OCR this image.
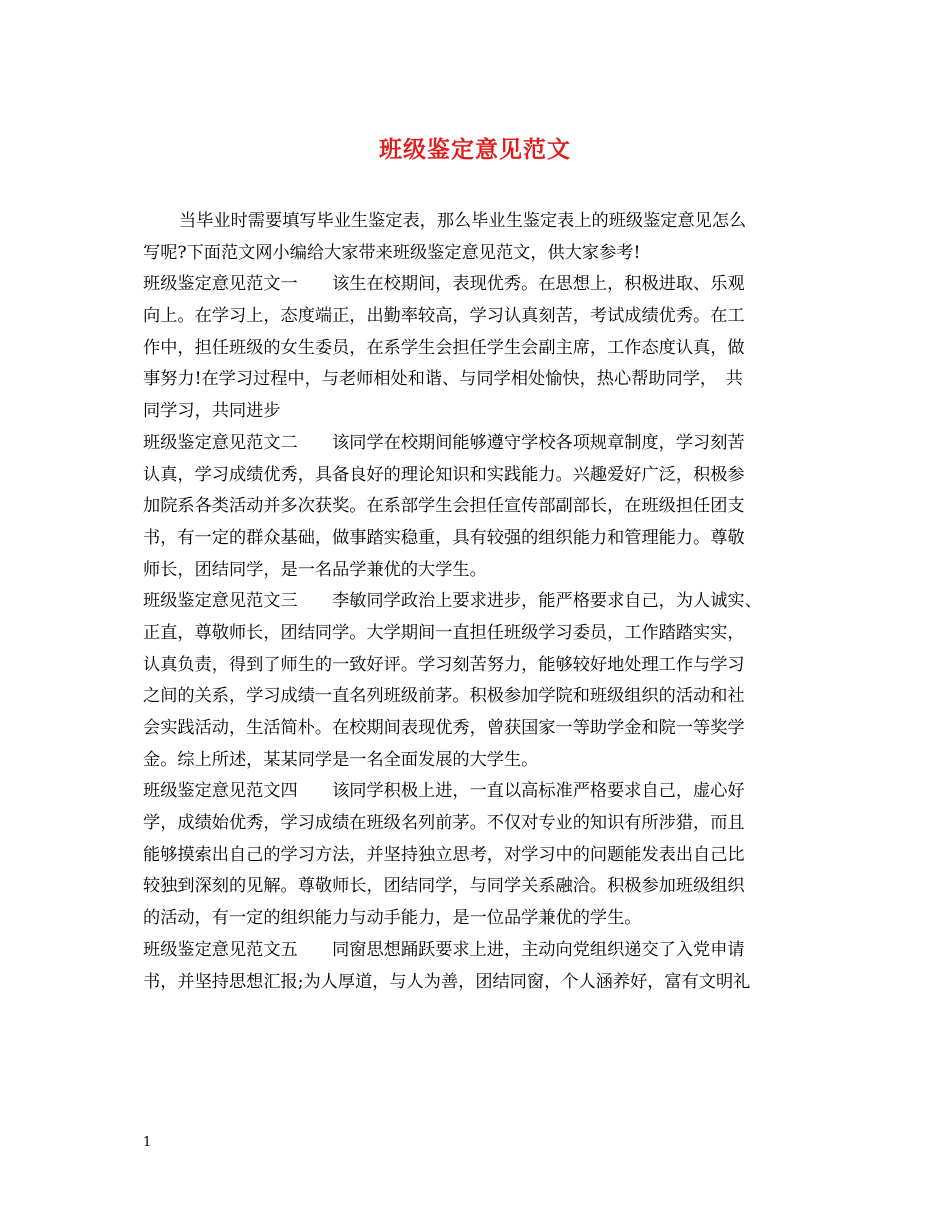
班级鉴定意见范文
当毕业时需要填写毕业生鉴定表，那么毕业生鉴定表上的班级鉴定意见怎么
写呢?下面范文网小编给大家带来班级鉴定意见范文，供大家参考!
班级鉴定意见范文一　　该生在校期间，表现优秀。在思想上，积极进取、乐观
向上。在学习上，态度端正，出勤率较高，学习认真刻苦，考试成绩优秀。在工
作中，担任班级的女生委员，在系学生会担任学生会副主席，工作态度认真，做
事努力!在学习过程中，与老师相处和谐、与同学相处愉快，热心帮助同学，　共
同学习，共同进步
班级鉴定意见范文二　　该同学在校期间能够遵守学校各项规章制度，学习刻苦
认真，学习成绩优秀，具备良好的理论知识和实践能力。兴趣爱好广泛，积极参
加院系各类活动并多次获奖。在系部学生会担任宣传部副部长，在班级担任团支
书，有一定的群众基础，做事踏实稳重，具有较强的组织能力和管理能力。尊敬
师长，团结同学，是一名品学兼优的大学生。
班级鉴定意见范文三　　李敏同学政治上要求进步，能严格要求自己，为人诚实、
正直，尊敬师长，团结同学。大学期间一直担任班级学习委员，工作踏踏实实，
认真负责，得到了师生的一致好评。学习刻苦努力，能够较好地处理工作与学习
之间的关系，学习成绩一直名列班级前茅。积极参加学院和班级组织的活动和社
会实践活动，生活简朴。在校期间表现优秀，曾获国家一等助学金和院一等奖学
金。综上所述，某某同学是一名全面发展的大学生。
班级鉴定意见范文四　　该同学积极上进，一直以高标准严格要求自己，虚心好
学，成绩始优秀，学习成绩在班级名列前茅。不仅对专业的知识有所涉猎，而且
能够摸索出自己的学习方法，并坚持独立思考，对学习中的问题能发表出自己比
较独到深刻的见解。尊敬师长，团结同学，与同学关系融洽。积极参加班级组织
的活动，有一定的组织能力与动手能力，是一位品学兼优的学生。
班级鉴定意见范文五　　同窗思想踊跃要求上进，主动向党组织递交了入党申请
书，并坚持思想汇报;为人厚道，与人为善，团结同窗，个人涵养好，富有文明礼
1
